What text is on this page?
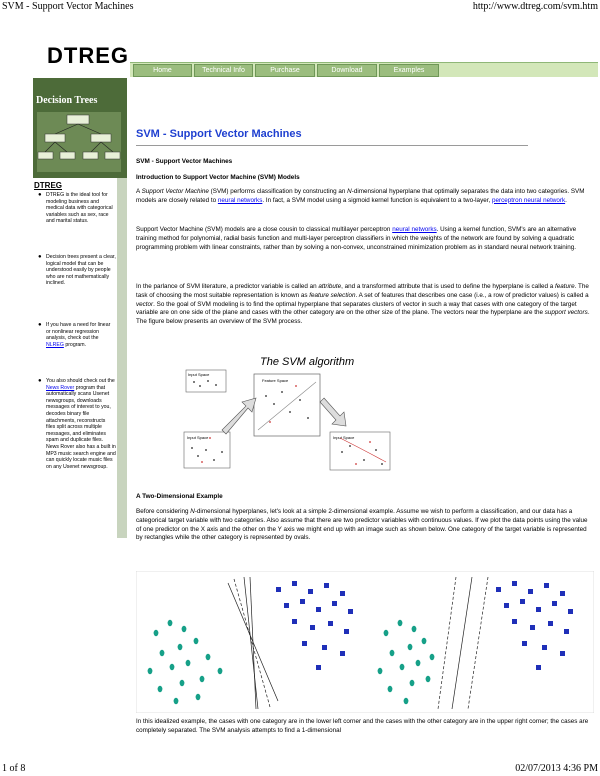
SVM - Support Vector Machines	http://www.dtreg.com/svm.htm
DTREG
Home	Technical Info	Purchase	Download	Examples
Decision Trees
DTREG
● DTREG is the ideal tool for modeling business and medical data with categorical variables such as sex, race and marital status.
● Decision trees present a clear, logical model that can be understood easily by people who are not mathematically inclined.
● If you have a need for linear or nonlinear regression analysis, check out the NLREG program.
● You also should check out the News Rover program that automatically scans Usenet newsgroups, downloads messages of interest to you, decodes binary file attachments, reconstructs files split across multiple messages, and eliminates spam and duplicate files. News Rover also has a built in MP3 music search engine and can quickly locate music files on any Usenet newsgroup.
SVM - Support Vector Machines
SVM - Support Vector Machines
Introduction to Support Vector Machine (SVM) Models
A Support Vector Machine (SVM) performs classification by constructing an N-dimensional hyperplane that optimally separates the data into two categories. SVM models are closely related to neural networks. In fact, a SVM model using a sigmoid kernel function is equivalent to a two-layer, perceptron neural network.
Support Vector Machine (SVM) models are a close cousin to classical multilayer perceptron neural networks. Using a kernel function, SVM's are an alternative training method for polynomial, radial basis function and multi-layer perceptron classifiers in which the weights of the network are found by solving a quadratic programming problem with linear constraints, rather than by solving a non-convex, unconstrained minimization problem as in standard neural network training.
In the parlance of SVM literature, a predictor variable is called an attribute, and a transformed attribute that is used to define the hyperplane is called a feature. The task of choosing the most suitable representation is known as feature selection. A set of features that describes one case (i.e., a row of predictor values) is called a vector. So the goal of SVM modeling is to find the optimal hyperplane that separates clusters of vector in such a way that cases with one category of the target variable are on one side of the plane and cases with the other category are on the other size of the plane. The vectors near the hyperplane are the support vectors. The figure below presents an overview of the SVM process.
The SVM algorithm
Feature Space
Input Space
Input Space	Input Space
A Two-Dimensional Example
Before considering N-dimensional hyperplanes, let's look at a simple 2-dimensional example. Assume we wish to perform a classification, and our data has a categorical target variable with two categories. Also assume that there are two predictor variables with continuous values. If we plot the data points using the value of one predictor on the X axis and the other on the Y axis we might end up with an image such as shown below. One category of the target variable is represented by rectangles while the other category is represented by ovals.
In this idealized example, the cases with one category are in the lower left corner and the cases with the other category are in the upper right corner; the cases are completely separated. The SVM analysis attempts to find a 1-dimensional
1 of 8	02/07/2013 4:36 PM
